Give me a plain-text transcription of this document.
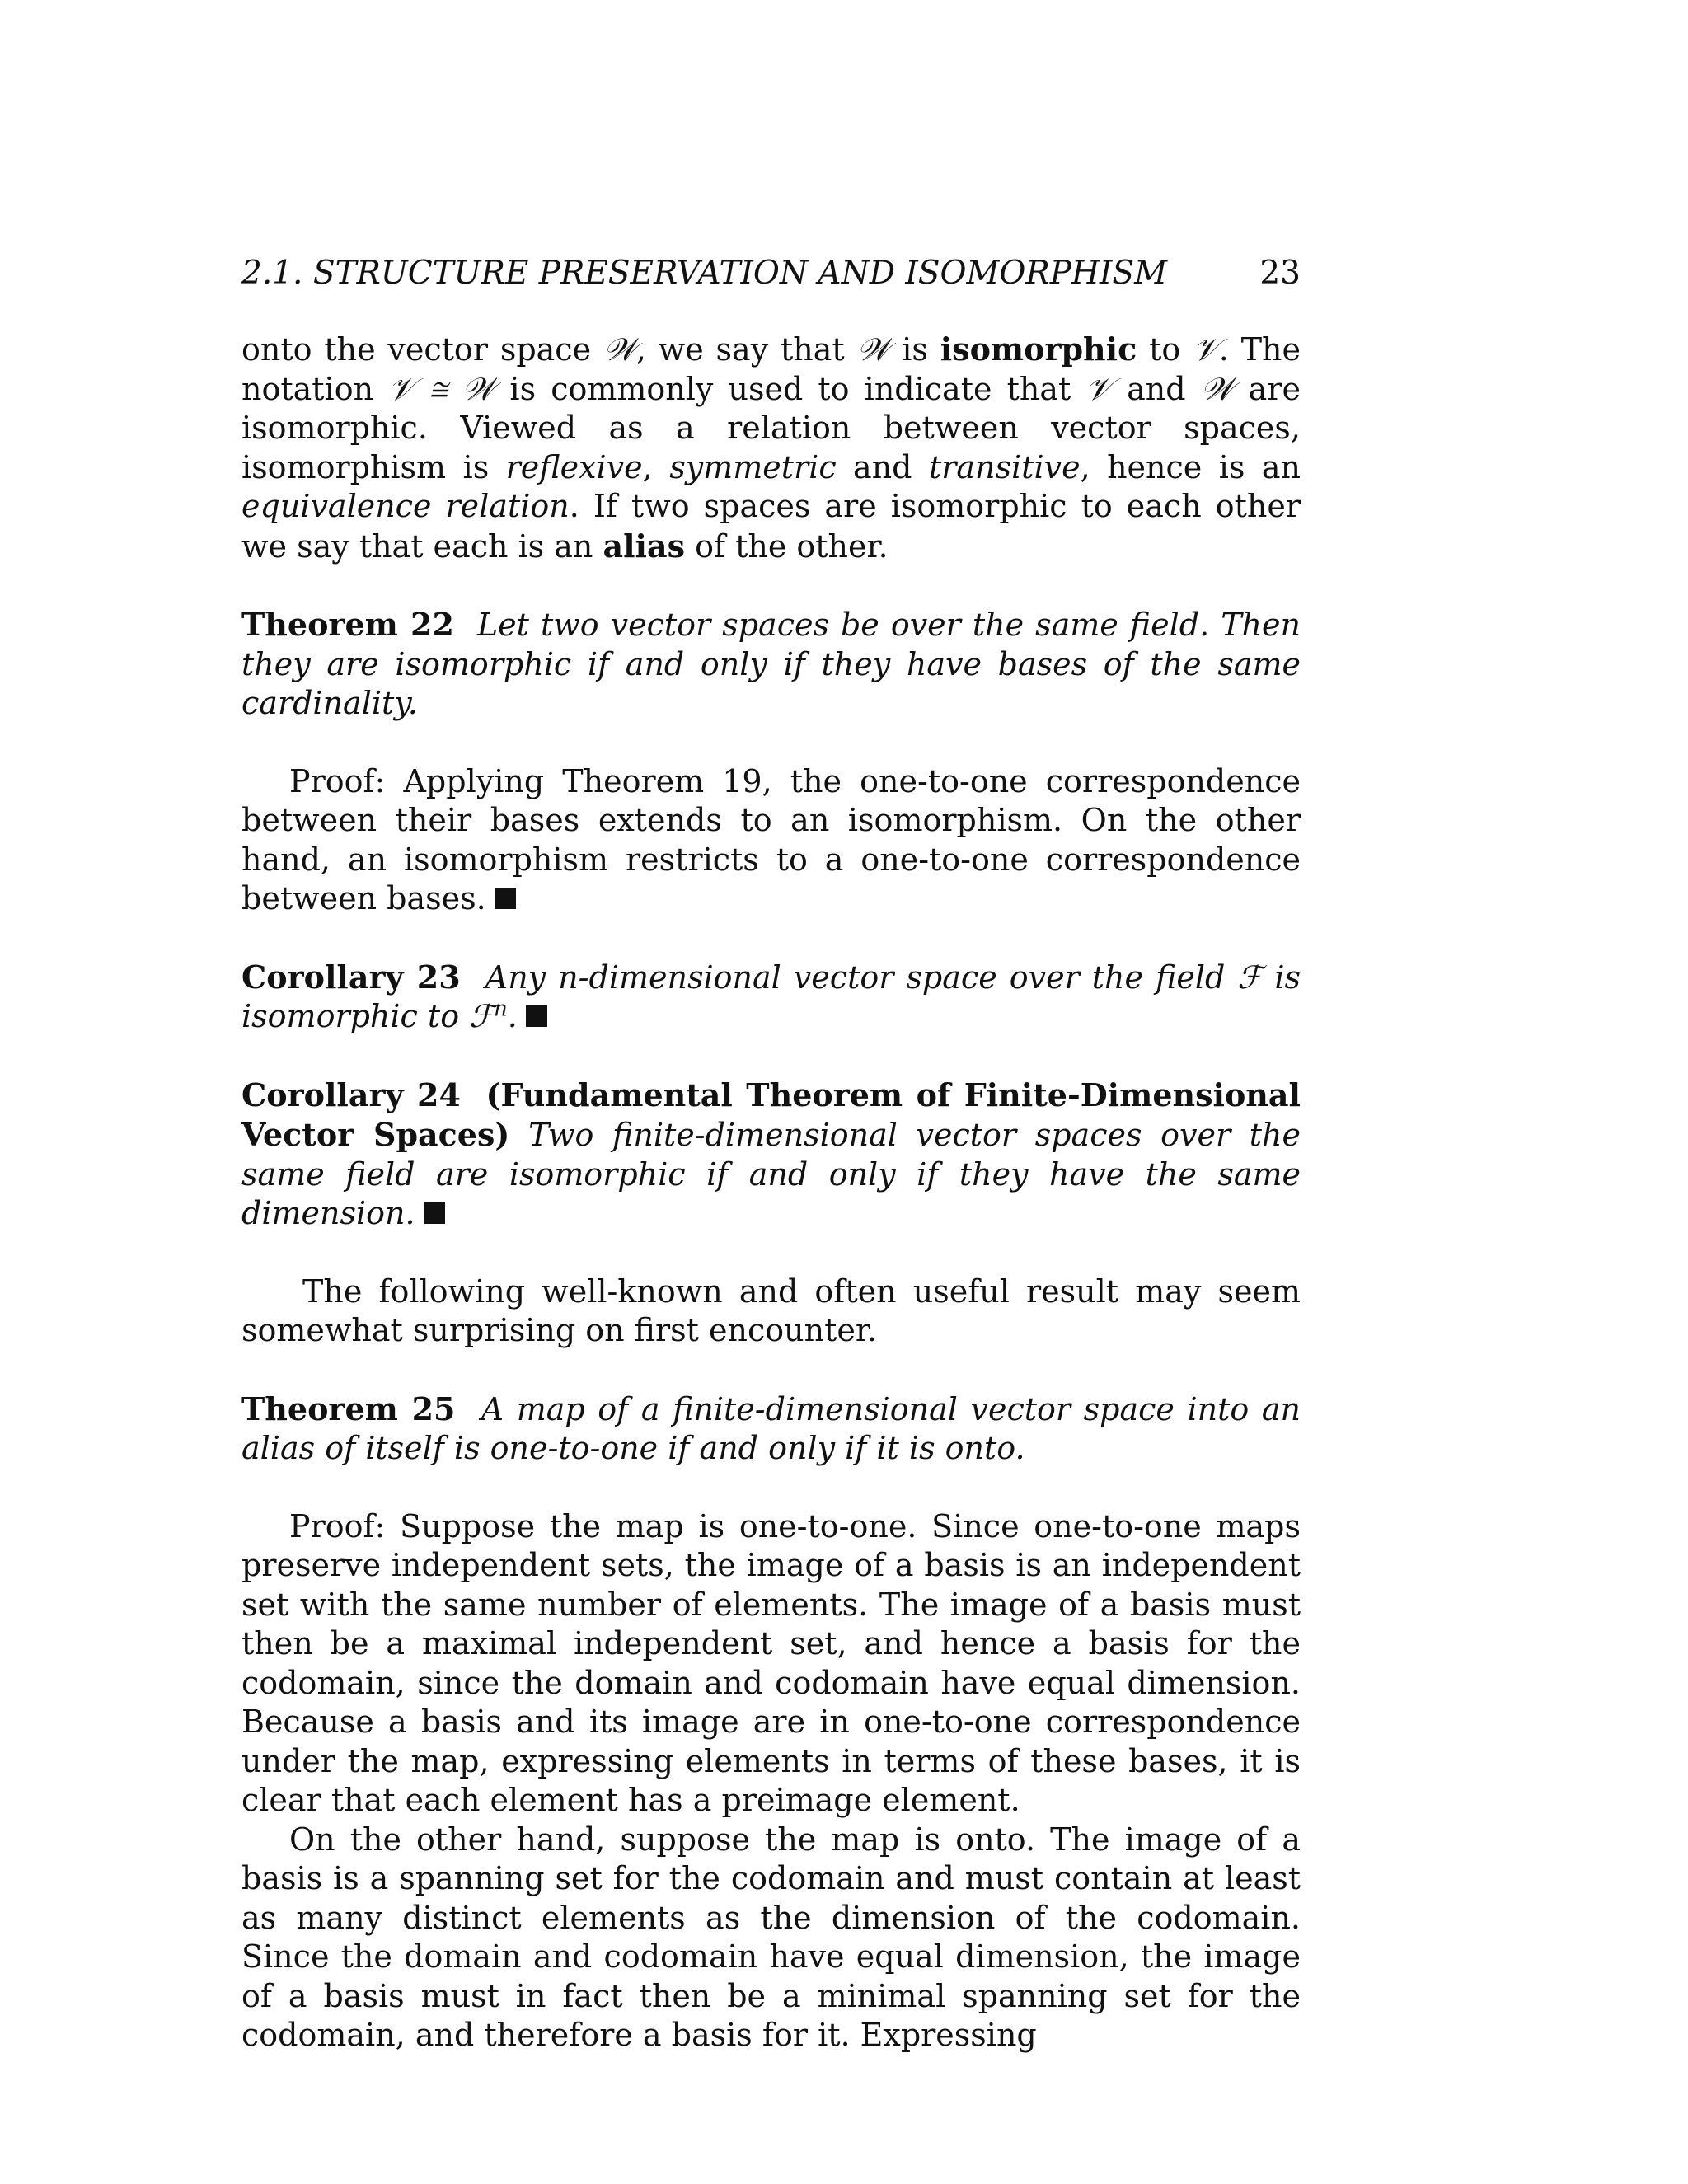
2.1. STRUCTURE PRESERVATION AND ISOMORPHISM	23

onto the vector space 𝒲, we say that 𝒲 is isomorphic to 𝒱. The notation 𝒱 ≅ 𝒲 is commonly used to indicate that 𝒱 and 𝒲 are isomorphic. Viewed as a relation between vector spaces, isomorphism is reflexive, symmetric and transitive, hence is an equivalence relation. If two spaces are isomorphic to each other we say that each is an alias of the other.

Theorem 22 Let two vector spaces be over the same field. Then they are isomorphic if and only if they have bases of the same cardinality.

Proof: Applying Theorem 19, the one-to-one correspondence between their bases extends to an isomorphism. On the other hand, an isomorphism restricts to a one-to-one correspondence between bases.

Corollary 23 Any n-dimensional vector space over the field ℱ is isomorphic to ℱ$^n$.

Corollary 24 (Fundamental Theorem of Finite-Dimensional Vector Spaces) Two finite-dimensional vector spaces over the same field are isomorphic if and only if they have the same dimension.

The following well-known and often useful result may seem somewhat surprising on first encounter.

Theorem 25 A map of a finite-dimensional vector space into an alias of itself is one-to-one if and only if it is onto.

Proof: Suppose the map is one-to-one. Since one-to-one maps preserve independent sets, the image of a basis is an independent set with the same number of elements. The image of a basis must then be a maximal independent set, and hence a basis for the codomain, since the domain and codomain have equal dimension. Because a basis and its image are in one-to-one correspondence under the map, expressing elements in terms of these bases, it is clear that each element has a preimage element.

On the other hand, suppose the map is onto. The image of a basis is a spanning set for the codomain and must contain at least as many distinct elements as the dimension of the codomain. Since the domain and codomain have equal dimension, the image of a basis must in fact then be a minimal spanning set for the codomain, and therefore a basis for it. Expressing
